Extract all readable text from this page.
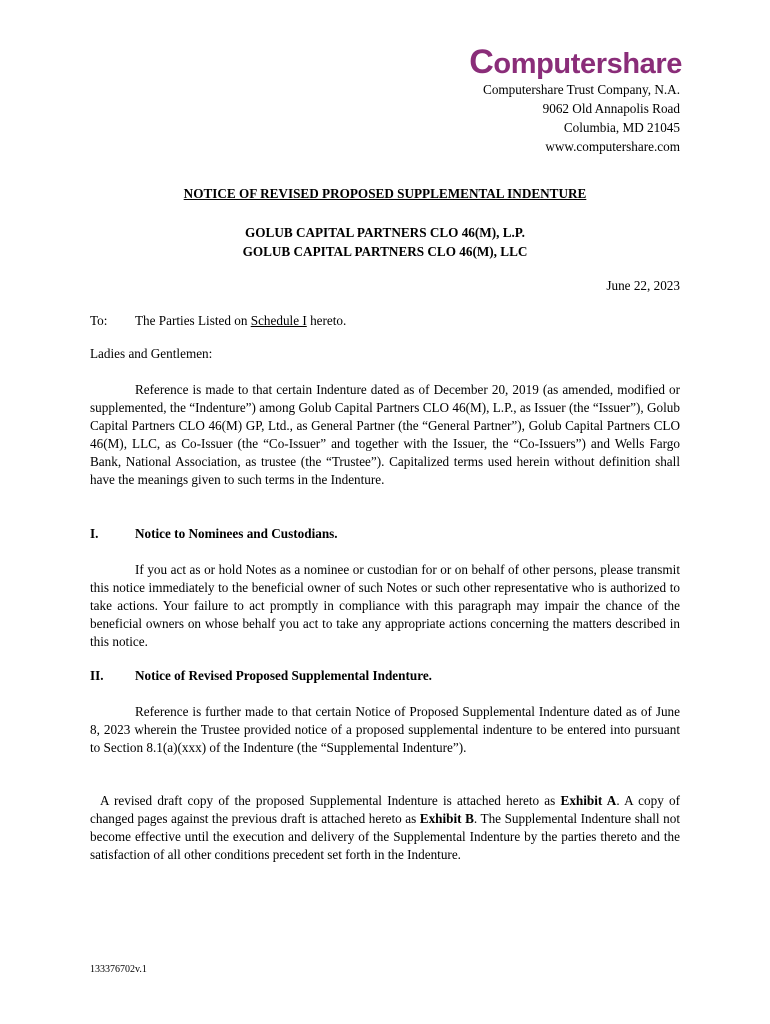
Computershare
Computershare Trust Company, N.A.
9062 Old Annapolis Road
Columbia, MD 21045
www.computershare.com
NOTICE OF REVISED PROPOSED SUPPLEMENTAL INDENTURE
GOLUB CAPITAL PARTNERS CLO 46(M), L.P.
GOLUB CAPITAL PARTNERS CLO 46(M), LLC
June 22, 2023
To: The Parties Listed on Schedule I hereto.
Ladies and Gentlemen:

Reference is made to that certain Indenture dated as of December 20, 2019 (as amended, modified or supplemented, the “Indenture”) among Golub Capital Partners CLO 46(M), L.P., as Issuer (the “Issuer”), Golub Capital Partners CLO 46(M) GP, Ltd., as General Partner (the “General Partner”), Golub Capital Partners CLO 46(M), LLC, as Co-Issuer (the “Co-Issuer” and together with the Issuer, the “Co-Issuers”) and Wells Fargo Bank, National Association, as trustee (the “Trustee”). Capitalized terms used herein without definition shall have the meanings given to such terms in the Indenture.

I.	Notice to Nominees and Custodians.

If you act as or hold Notes as a nominee or custodian for or on behalf of other persons, please transmit this notice immediately to the beneficial owner of such Notes or such other representative who is authorized to take actions. Your failure to act promptly in compliance with this paragraph may impair the chance of the beneficial owners on whose behalf you act to take any appropriate actions concerning the matters described in this notice.

II. Notice of Revised Proposed Supplemental Indenture.

Reference is further made to that certain Notice of Proposed Supplemental Indenture dated as of June 8, 2023 wherein the Trustee provided notice of a proposed supplemental indenture to be entered into pursuant to Section 8.1(a)(xxx) of the Indenture (the “Supplemental Indenture”).

A revised draft copy of the proposed Supplemental Indenture is attached hereto as Exhibit A. A copy of changed pages against the previous draft is attached hereto as Exhibit B. The Supplemental Indenture shall not become effective until the execution and delivery of the Supplemental Indenture by the parties thereto and the satisfaction of all other conditions precedent set forth in the Indenture.

133376702v.1
